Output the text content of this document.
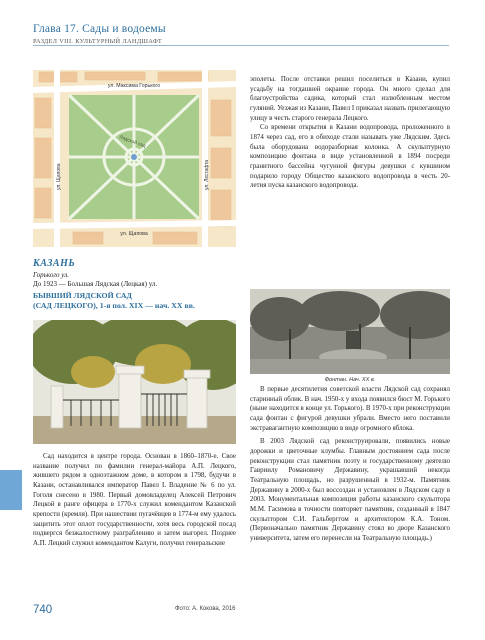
Глава 17. Сады и водоемы
РАЗДЕЛ VIII. КУЛЬТУРНЫЙ ЛАНДШАФТ
ул. Максима Горького
ул. Щапова
ул. Щапова	ул. Лесгафта
Лядской сад

эполеты. После отставки решил поселиться в Казани, купил усадьбу на тогдашней окраине города. Он много сделал для благоустройства садика, который стал излюбленным местом гуляний. Уезжая из Казани, Павел I приказал назвать прилегающую улицу в честь старого генерала Лецкого.

Со времени открытия в Казани водопровода, проложенного в 1874 через сад, его в обиходе стали называть уже Лядским. Здесь была оборудована водоразборная колонка. А скульптурную композицию фонтана в виде установленной в 1894 посреди гранитного бассейна чугунной фигуры девушки с кувшином подарило городу Общество казанского водопровода в честь 20-летия пуска казанского водопровода.

Фонтан. Нач. XX в.

В первые десятилетия советской власти Лядской сад сохранял старинный облик. В нач. 1950-х у входа появился бюст М. Горького (ныне находится в конце ул. Горького). В 1970-х при реконструкции сада фонтан с фигурой девушки убрали. Вместо него поставили экстравагантную композицию в виде огромного яблока.

В 2003 Лядской сад реконструировали, появились новые дорожки и цветочные клумбы. Главным достоянием сада после реконструкции стал памятник поэту и государственному деятелю Гавриилу Романовичу Державину, украшавший некогда Театральную площадь, но разрушенный в 1932-м. Памятник Державину в 2000-х был воссоздан и установлен в Лядском саду в 2003. Монументальная композиция работы казанского скульптора М.М. Гасимова в точности повторяет памятник, созданный в 1847 скульптором С.И. Гальберггом и архитектором К.А. Тоном. (Первоначально памятник Державину стоял во дворе Казанского университета, затем его перенесли на Театральную площадь.)

КАЗАНЬ
Горького ул.
До 1923 — Большая Лядская (Лецкая) ул.
БЫВШИЙ ЛЯДСКОЙ САД
(САД ЛЕЦКОГО), 1-я пол. XIX — нач. XX вв.

Сад находится в центре города. Основан в 1860–1870-е. Свое название получил по фамилии генерал-майора А.П. Лецкого, жившего рядом в одноэтажном доме, в котором в 1798, будучи в Казани, останавливался император Павел I. Владение № 6 по ул. Гоголя снесено в 1980. Первый домовладелец Алексей Петрович Лецкой в ранге офицера в 1770-х служил комендантом Казанской крепости (кремля). При нашествии пугачёвцев в 1774-м ему удалось защитить этот оплот государственности, хотя весь городской посад подвергся безжалостному разграблению и затем выгорел. Позднее А.П. Лецкий служил комендантом Калуги, получил генеральские

740	Фото: А. Кокова, 2016
